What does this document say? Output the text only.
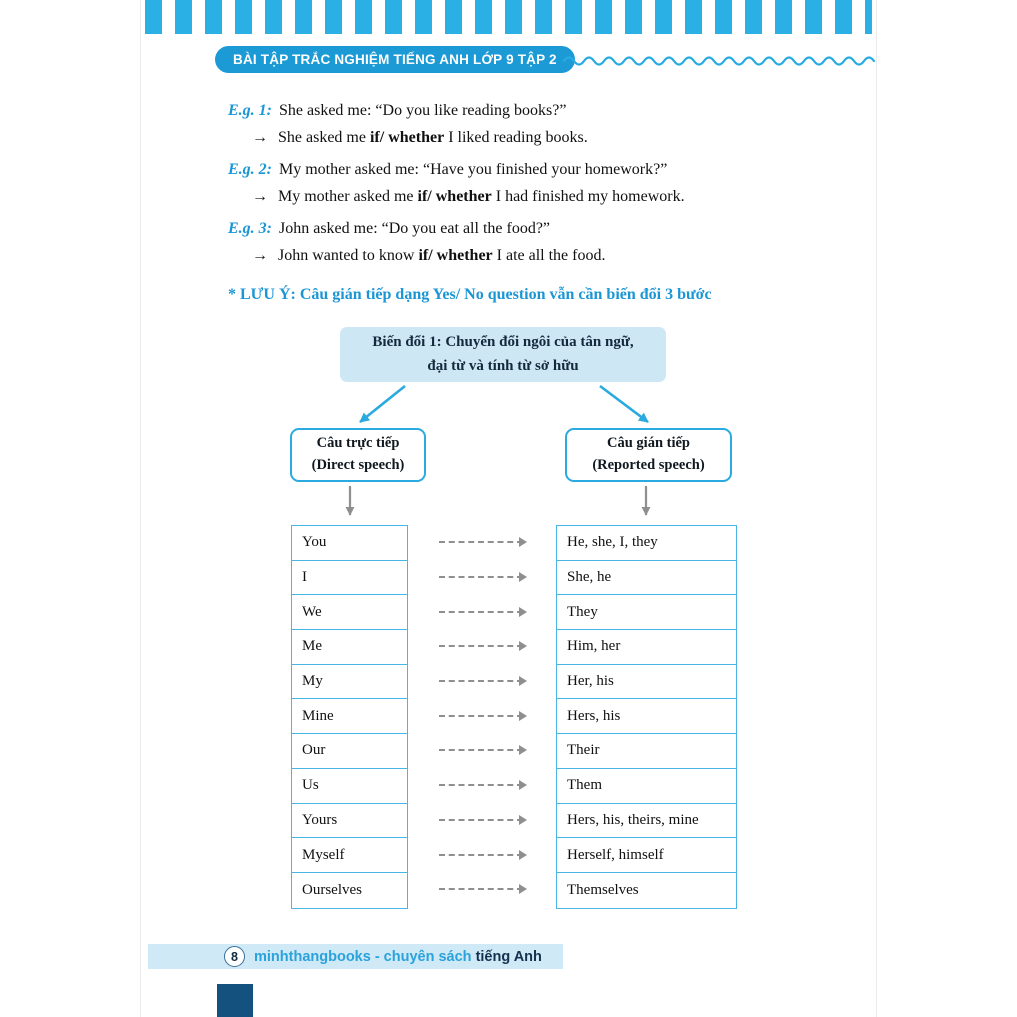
BÀI TẬP TRẮC NGHIỆM TIẾNG ANH LỚP 9 TẬP 2
E.g. 1: She asked me: “Do you like reading books?”
→ She asked me if/ whether I liked reading books.
E.g. 2: My mother asked me: “Have you finished your homework?”
→ My mother asked me if/ whether I had finished my homework.
E.g. 3: John asked me: “Do you eat all the food?”
→ John wanted to know if/ whether I ate all the food.
* LƯU Ý: Câu gián tiếp dạng Yes/ No question vẫn cần biến đổi 3 bước
Biến đổi 1: Chuyển đổi ngôi của tân ngữ,
đại từ và tính từ sở hữu
Câu trực tiếp
(Direct speech)
Câu gián tiếp
(Reported speech)
You
I
We
Me
My
Mine
Our
Us
Yours
Myself
Ourselves
He, she, I, they
She, he
They
Him, her
Her, his
Hers, his
Their
Them
Hers, his, theirs, mine
Herself, himself
Themselves
8	minhthangbooks - chuyên sách tiếng Anh
